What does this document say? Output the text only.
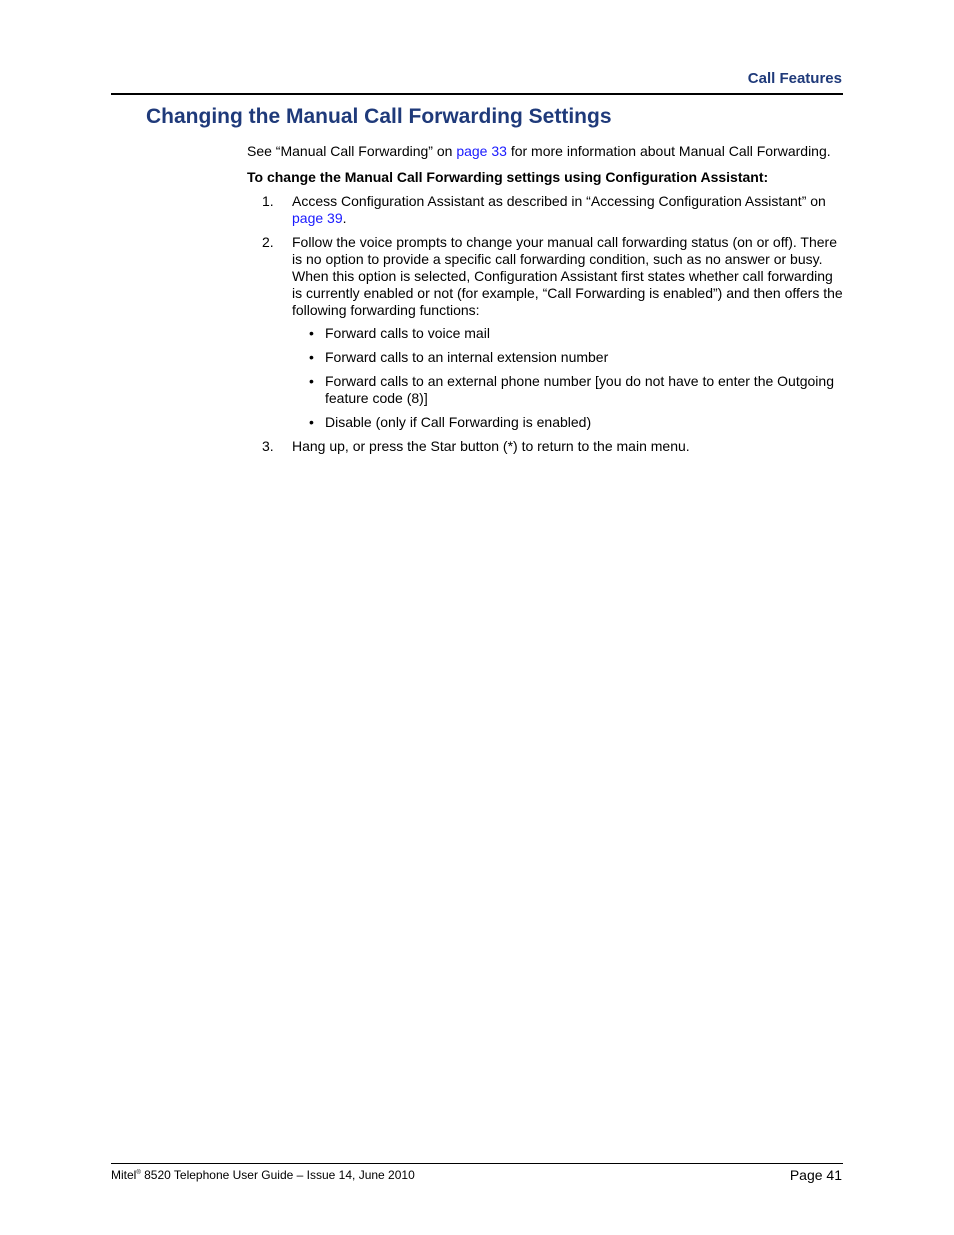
Call Features
Changing the Manual Call Forwarding Settings

See “Manual Call Forwarding” on page 33 for more information about Manual Call Forwarding.

To change the Manual Call Forwarding settings using Configuration Assistant:

1. Access Configuration Assistant as described in “Accessing Configuration Assistant” on page 39.
2. Follow the voice prompts to change your manual call forwarding status (on or off). There is no option to provide a specific call forwarding condition, such as no answer or busy. When this option is selected, Configuration Assistant first states whether call forwarding is currently enabled or not (for example, “Call Forwarding is enabled”) and then offers the following forwarding functions:
• Forward calls to voice mail
• Forward calls to an internal extension number
• Forward calls to an external phone number [you do not have to enter the Outgoing feature code (8)]
• Disable (only if Call Forwarding is enabled)
3. Hang up, or press the Star button (*) to return to the main menu.
Mitel® 8520 Telephone User Guide – Issue 14, June 2010	Page 41
